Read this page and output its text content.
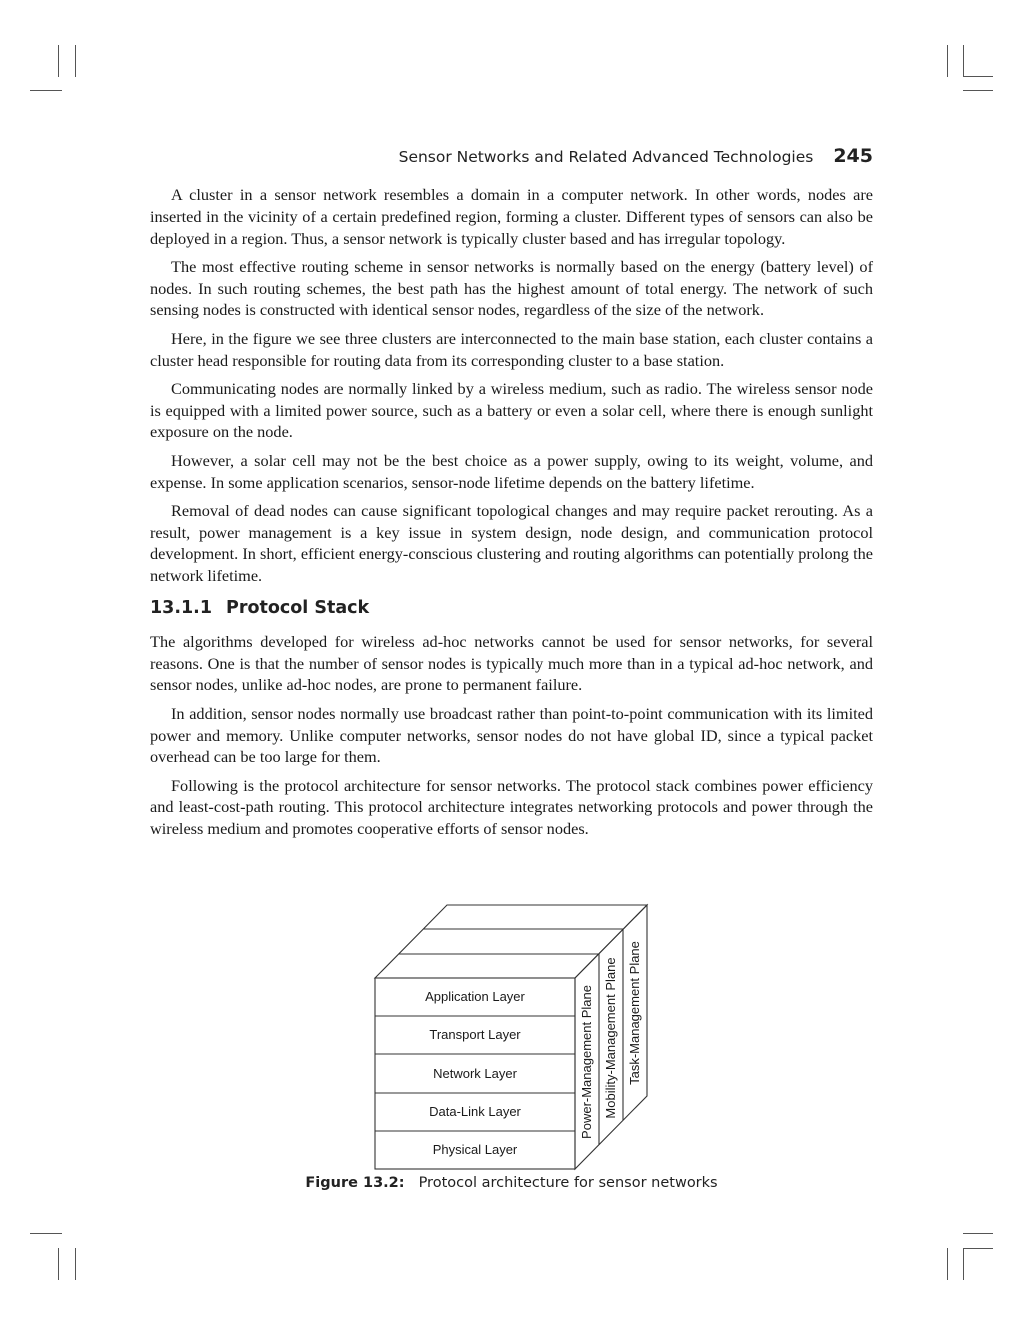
Sensor Networks and Related Advanced Technologies 245

A cluster in a sensor network resembles a domain in a computer network. In other words, nodes are inserted in the vicinity of a certain predefined region, forming a cluster. Different types of sensors can also be deployed in a region. Thus, a sensor network is typically cluster based and has irregular topology.

The most effective routing scheme in sensor networks is normally based on the energy (battery level) of nodes. In such routing schemes, the best path has the highest amount of total energy. The network of such sensing nodes is constructed with identical sensor nodes, regardless of the size of the network.

Here, in the figure we see three clusters are interconnected to the main base station, each cluster contains a cluster head responsible for routing data from its corresponding cluster to a base station.

Communicating nodes are normally linked by a wireless medium, such as radio. The wireless sensor node is equipped with a limited power source, such as a battery or even a solar cell, where there is enough sunlight exposure on the node.

However, a solar cell may not be the best choice as a power supply, owing to its weight, volume, and expense. In some application scenarios, sensor-node lifetime depends on the battery lifetime.

Removal of dead nodes can cause significant topological changes and may require packet rerouting. As a result, power management is a key issue in system design, node design, and communication protocol development. In short, efficient energy-conscious clustering and routing algorithms can potentially prolong the network lifetime.

13.1.1 Protocol Stack

The algorithms developed for wireless ad-hoc networks cannot be used for sensor networks, for several reasons. One is that the number of sensor nodes is typically much more than in a typical ad-hoc network, and sensor nodes, unlike ad-hoc nodes, are prone to permanent failure.

In addition, sensor nodes normally use broadcast rather than point-to-point communication with its limited power and memory. Unlike computer networks, sensor nodes do not have global ID, since a typical packet overhead can be too large for them.

Following is the protocol architecture for sensor networks. The protocol stack combines power efficiency and least-cost-path routing. This protocol architecture integrates networking protocols and power through the wireless medium and promotes cooperative efforts of sensor nodes.

Application Layer
Transport Layer
Network Layer
Data-Link Layer
Physical Layer
Power-Management Plane Mobility-Management Plane Task-Management Plane
Figure 13.2: Protocol architecture for sensor networks
